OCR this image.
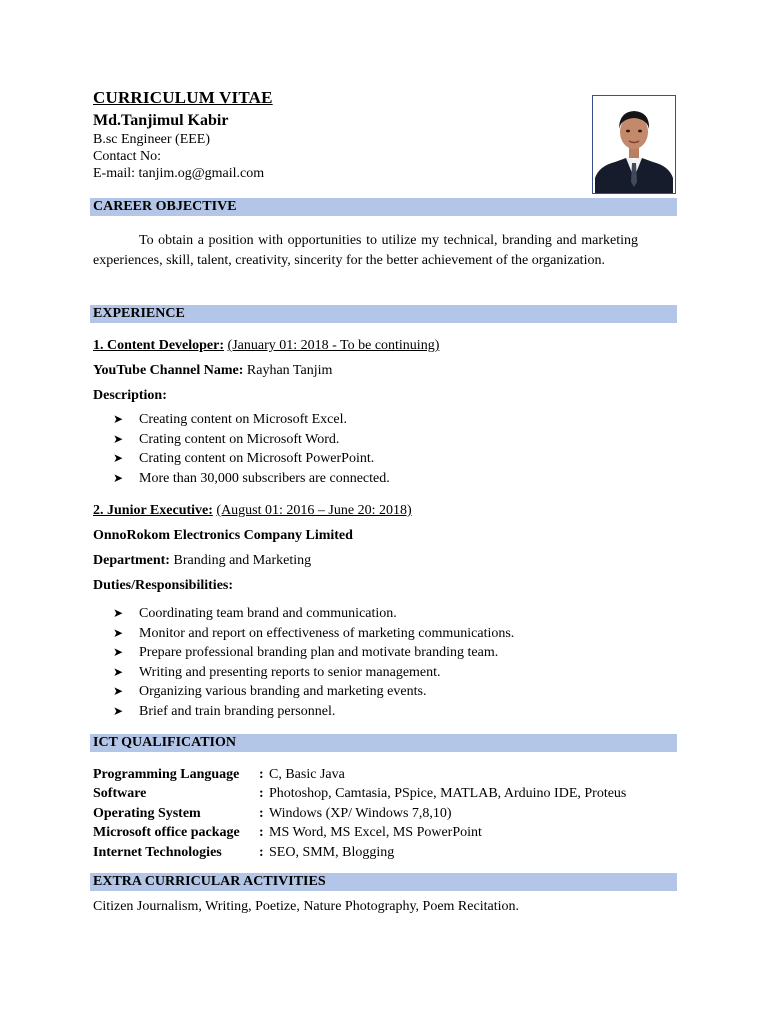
CURRICULUM VITAE
Md.Tanjimul Kabir
B.sc Engineer (EEE)
Contact No:
E-mail: tanjim.og@gmail.com
CAREER OBJECTIVE
To obtain a position with opportunities to utilize my technical, branding and marketing experiences, skill, talent, creativity, sincerity for the better achievement of the organization.
EXPERIENCE
1. Content Developer: (January 01: 2018 - To be continuing)
YouTube Channel Name: Rayhan Tanjim
Description:
➤ Creating content on Microsoft Excel.
➤ Crating content on Microsoft Word.
➤ Crating content on Microsoft PowerPoint.
➤ More than 30,000 subscribers are connected.
2. Junior Executive: (August 01: 2016 – June 20: 2018)
OnnoRokom Electronics Company Limited
Department: Branding and Marketing
Duties/Responsibilities:
➤ Coordinating team brand and communication.
➤ Monitor and report on effectiveness of marketing communications.
➤ Prepare professional branding plan and motivate branding team.
➤ Writing and presenting reports to senior management.
➤ Organizing various branding and marketing events.
➤ Brief and train branding personnel.
ICT QUALIFICATION
Programming Language	:	C, Basic Java
Software	:	Photoshop, Camtasia, PSpice, MATLAB, Arduino IDE, Proteus
Operating System	:	Windows (XP/ Windows 7,8,10)
Microsoft office package	:	MS Word, MS Excel, MS PowerPoint
Internet Technologies	:	SEO, SMM, Blogging
EXTRA CURRICULAR ACTIVITIES
Citizen Journalism, Writing, Poetize, Nature Photography, Poem Recitation.
